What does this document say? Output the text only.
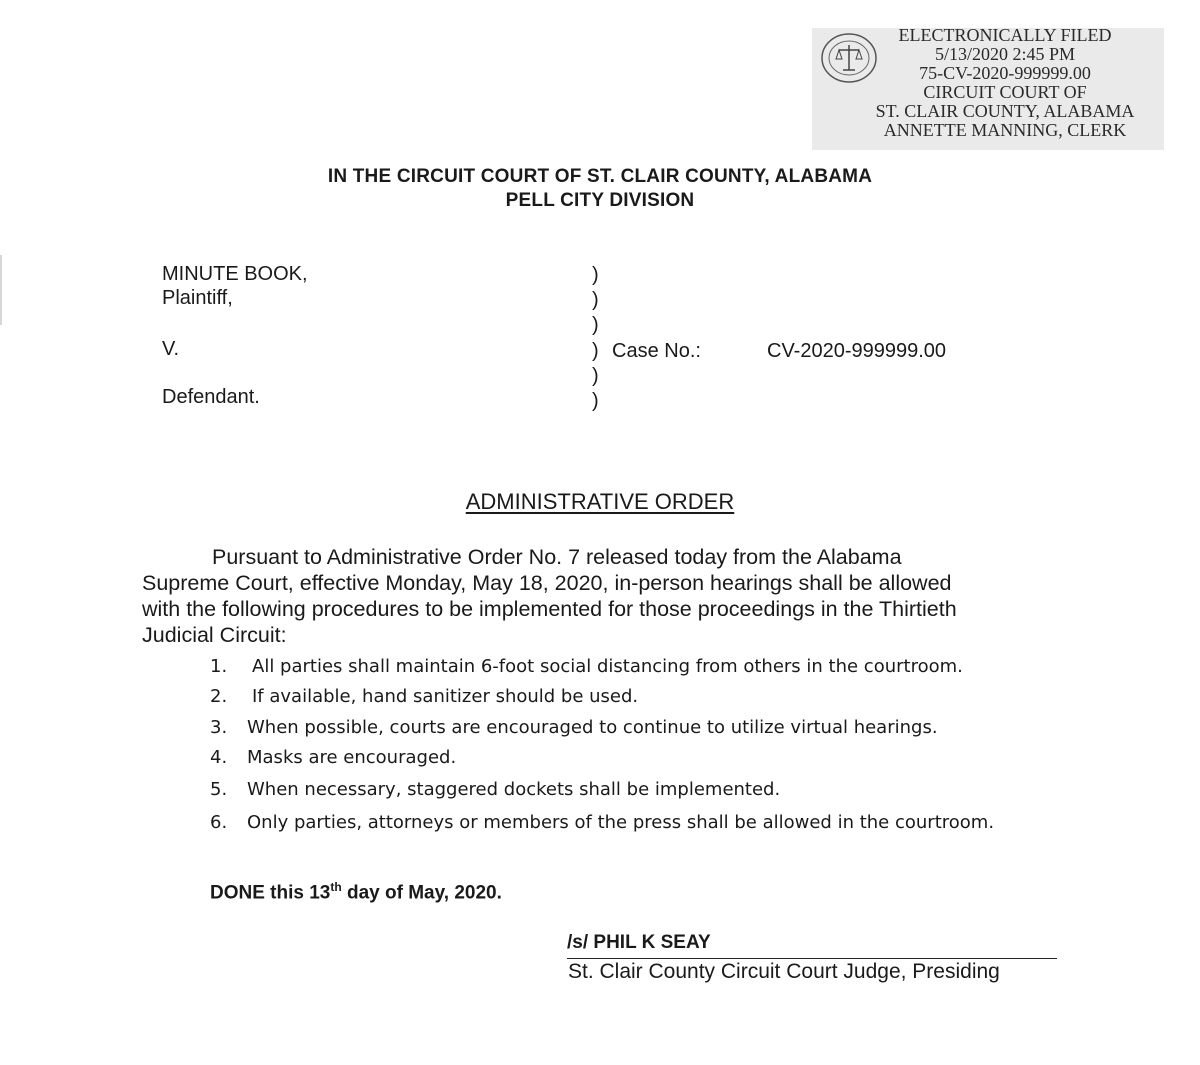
ELECTRONICALLY FILED
5/13/2020 2:45 PM
75-CV-2020-999999.00
CIRCUIT COURT OF
ST. CLAIR COUNTY, ALABAMA
ANNETTE MANNING, CLERK
IN THE CIRCUIT COURT OF ST. CLAIR COUNTY, ALABAMA
PELL CITY DIVISION
MINUTE BOOK,
Plaintiff,
V.
Defendant.
)
)
)
)
)
)
Case No.:	CV-2020-999999.00
ADMINISTRATIVE ORDER
Pursuant to Administrative Order No. 7 released today from the Alabama
Supreme Court, effective Monday, May 18, 2020, in-person hearings shall be allowed
with the following procedures to be implemented for those proceedings in the Thirtieth
Judicial Circuit:
1. All parties shall maintain 6-foot social distancing from others in the courtroom.
2. If available, hand sanitizer should be used.
3. When possible, courts are encouraged to continue to utilize virtual hearings.
4. Masks are encouraged.
5. When necessary, staggered dockets shall be implemented.
6. Only parties, attorneys or members of the press shall be allowed in the courtroom.
DONE this 13th day of May, 2020.
/s/ PHIL K SEAY
St. Clair County Circuit Court Judge, Presiding
